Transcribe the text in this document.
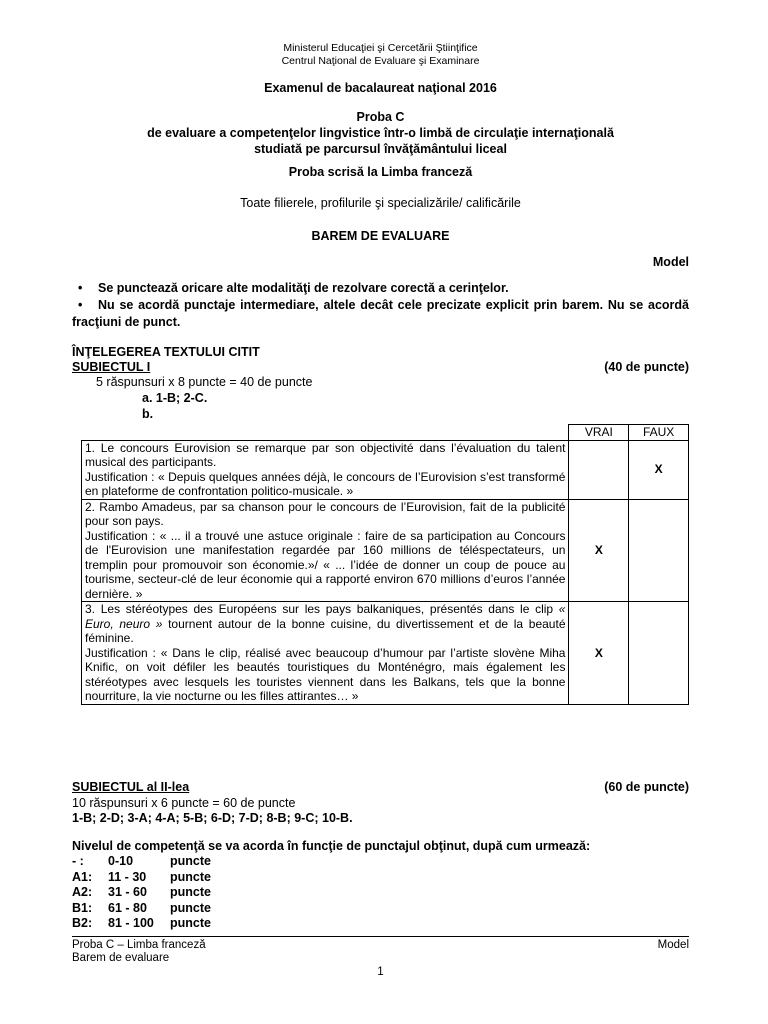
Ministerul Educaţiei şi Cercetării Ştiinţifice
Centrul Naţional de Evaluare şi Examinare
Examenul de bacalaureat naţional 2016
Proba C
de evaluare a competenţelor lingvistice într-o limbă de circulaţie internaţională
studiată pe parcursul învăţământului liceal
Proba scrisă la Limba franceză
Toate filierele, profilurile şi specializările/ calificările
BAREM DE EVALUARE
Model
• Se punctează oricare alte modalităţi de rezolvare corectă a cerinţelor.
•	Nu se acordă punctaje intermediare, altele decât cele precizate explicit prin barem. Nu se acordă fracţiuni de punct.
ÎNŢELEGEREA TEXTULUI CITIT
SUBIECTUL I	(40 de puncte)
5 răspunsuri x 8 puncte = 40 de puncte
a. 1-B; 2-C.
b.
	VRAI	FAUX

1. Le concours Eurovision se remarque par son objectivité dans l’évaluation du talent musical des participants.
Justification : « Depuis quelques années déjà, le concours de l’Eurovision s’est transformé en plateforme de confrontation politico-musicale. »		X

2. Rambo Amadeus, par sa chanson pour le concours de l’Eurovision, fait de la publicité pour son pays.
Justification : « ... il a trouvé une astuce originale : faire de sa participation au Concours de l'Eurovision une manifestation regardée par 160 millions de téléspectateurs, un tremplin pour promouvoir son économie.»/ « ... l’idée de donner un coup de pouce au tourisme, secteur-clé de leur économie qui a rapporté environ 670 millions d’euros l’année dernière. »	X	

3. Les stéréotypes des Européens sur les pays balkaniques, présentés dans le clip « Euro, neuro » tournent autour de la bonne cuisine, du divertissement et de la beauté féminine.
Justification : « Dans le clip, réalisé avec beaucoup d’humour par l’artiste slovène Miha Knific, on voit défiler les beautés touristiques du Monténégro, mais également les stéréotypes avec lesquels les touristes viennent dans les Balkans, tels que la bonne nourriture, la vie nocturne ou les filles attirantes… »	X	
SUBIECTUL al II-lea	(60 de puncte)
10 răspunsuri x 6 puncte = 60 de puncte
1-B; 2-D; 3-A; 4-A; 5-B; 6-D; 7-D; 8-B; 9-C; 10-B.
Nivelul de competenţă se va acorda în funcţie de punctajul obţinut, după cum urmează:
- : 0-10	puncte
A1: 11 - 30 puncte
A2: 31 - 60 puncte
B1: 61 - 80 puncte
B2: 81 - 100 puncte
Proba C – Limba franceză
Barem de evaluare
Model
1
